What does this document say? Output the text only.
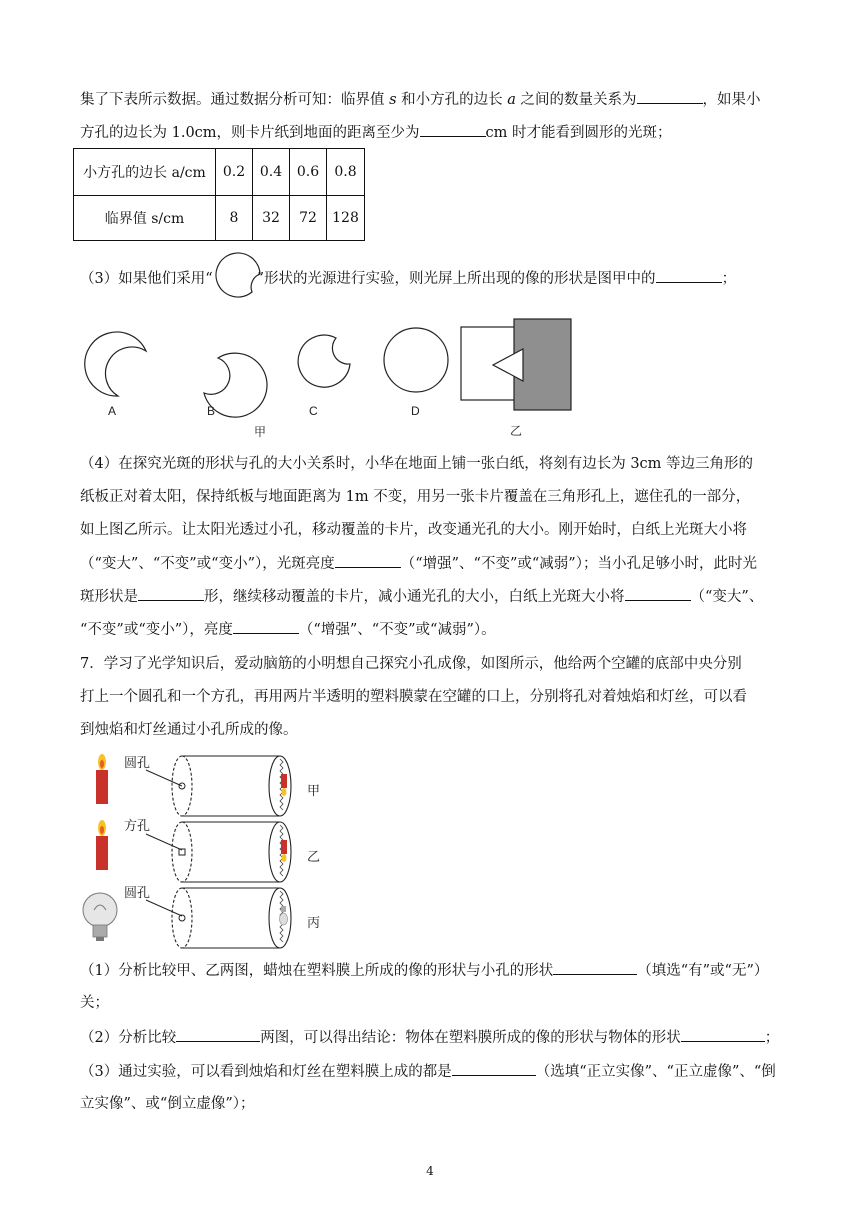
集了下表所示数据。通过数据分析可知：临界值 s 和小方孔的边长 a 之间的数量关系为	，如果小
方孔的边长为 1.0cm，则卡片纸到地面的距离至少为	cm 时才能看到圆形的光斑；
小方孔的边长 a/cm	0.2	0.4	0.6	0.8
临界值 s/cm	8	32	72	128
（3）如果他们采用“	”形状的光源进行实验，则光屏上所出现的像的形状是图甲中的	；
A	B	C	D
甲	乙
（4）在探究光斑的形状与孔的大小关系时，小华在地面上铺一张白纸，将刻有边长为 3cm 等边三角形的
纸板正对着太阳，保持纸板与地面距离为 1m 不变，用另一张卡片覆盖在三角形孔上，遮住孔的一部分，
如上图乙所示。让太阳光透过小孔，移动覆盖的卡片，改变通光孔的大小。刚开始时，白纸上光斑大小将
（“变大”、“不变”或“变小”），光斑亮度	（“增强”、“不变”或“减弱”）；当小孔足够小时，此时光
斑形状是	形，继续移动覆盖的卡片，减小通光孔的大小，白纸上光斑大小将	（“变大”、
“不变”或“变小”），亮度	（“增强”、“不变”或“减弱”）。
7．学习了光学知识后，爱动脑筋的小明想自己探究小孔成像，如图所示，他给两个空罐的底部中央分别
打上一个圆孔和一个方孔，再用两片半透明的塑料膜蒙在空罐的口上，分别将孔对着烛焰和灯丝，可以看
到烛焰和灯丝通过小孔所成的像。
圆孔
方孔
圆孔
甲
乙
丙
（1）分析比较甲、乙两图，蜡烛在塑料膜上所成的像的形状与小孔的形状	（填选“有”或“无”）
关；
（2）分析比较	两图，可以得出结论：物体在塑料膜所成的像的形状与物体的形状	；
（3）通过实验，可以看到烛焰和灯丝在塑料膜上成的都是	（选填“正立实像”、“正立虚像”、“倒
立实像”、或“倒立虚像”）；
4
